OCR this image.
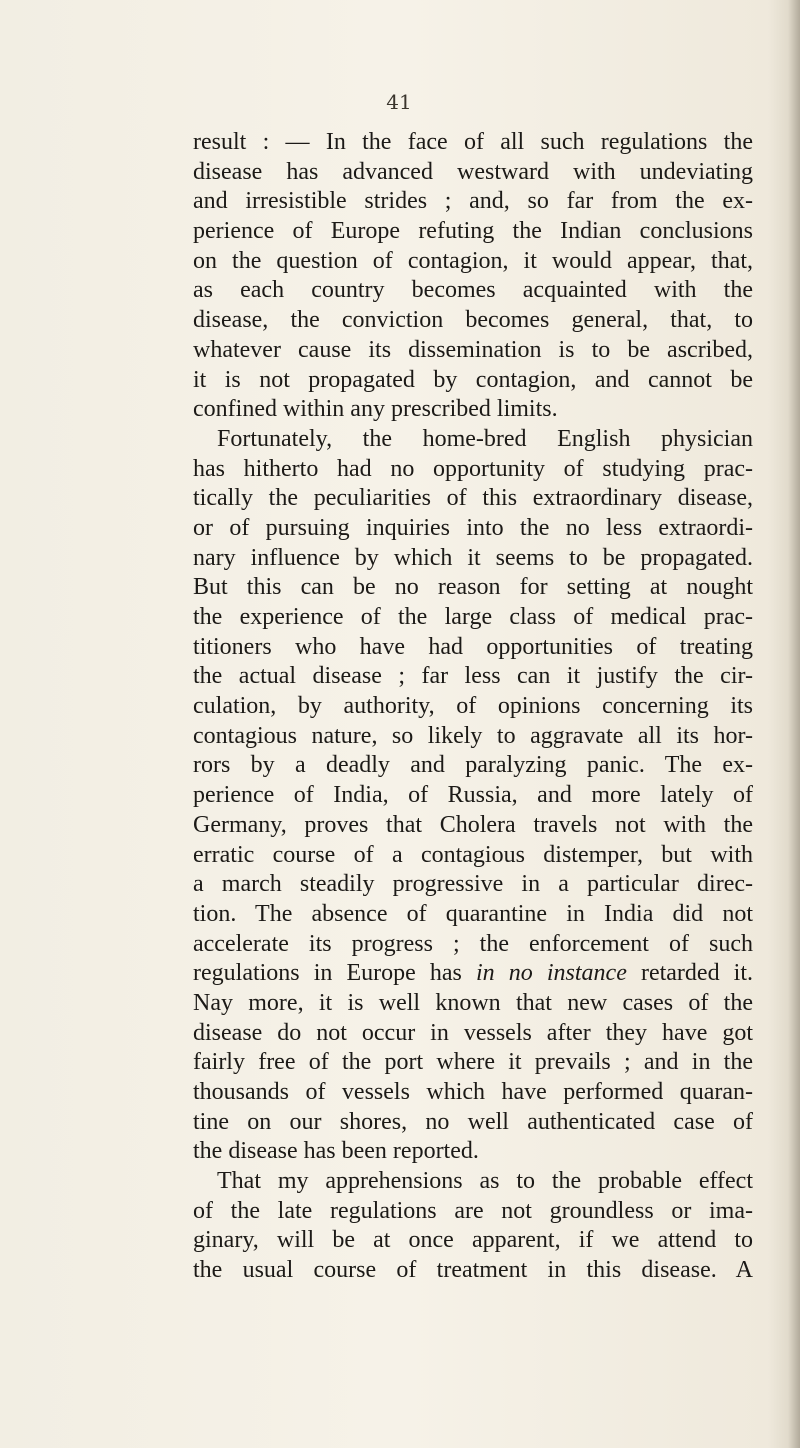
41
result : — In the face of all such regulations the
disease has advanced westward with undeviating
and irresistible strides ; and, so far from the ex-
perience of Europe refuting the Indian conclusions
on the question of contagion, it would appear, that,
as each country becomes acquainted with the
disease, the conviction becomes general, that, to
whatever cause its dissemination is to be ascribed,
it is not propagated by contagion, and cannot be
confined within any prescribed limits.
Fortunately, the home-bred English physician
has hitherto had no opportunity of studying prac-
tically the peculiarities of this extraordinary disease,
or of pursuing inquiries into the no less extraordi-
nary influence by which it seems to be propagated.
But this can be no reason for setting at nought
the experience of the large class of medical prac-
titioners who have had opportunities of treating
the actual disease ; far less can it justify the cir-
culation, by authority, of opinions concerning its
contagious nature, so likely to aggravate all its hor-
rors by a deadly and paralyzing panic. The ex-
perience of India, of Russia, and more lately of
Germany, proves that Cholera travels not with the
erratic course of a contagious distemper, but with
a march steadily progressive in a particular direc-
tion. The absence of quarantine in India did not
accelerate its progress ; the enforcement of such
regulations in Europe has in no instance retarded it.
Nay more, it is well known that new cases of the
disease do not occur in vessels after they have got
fairly free of the port where it prevails ; and in the
thousands of vessels which have performed quaran-
tine on our shores, no well authenticated case of
the disease has been reported.
That my apprehensions as to the probable effect
of the late regulations are not groundless or ima-
ginary, will be at once apparent, if we attend to
the usual course of treatment in this disease. A
